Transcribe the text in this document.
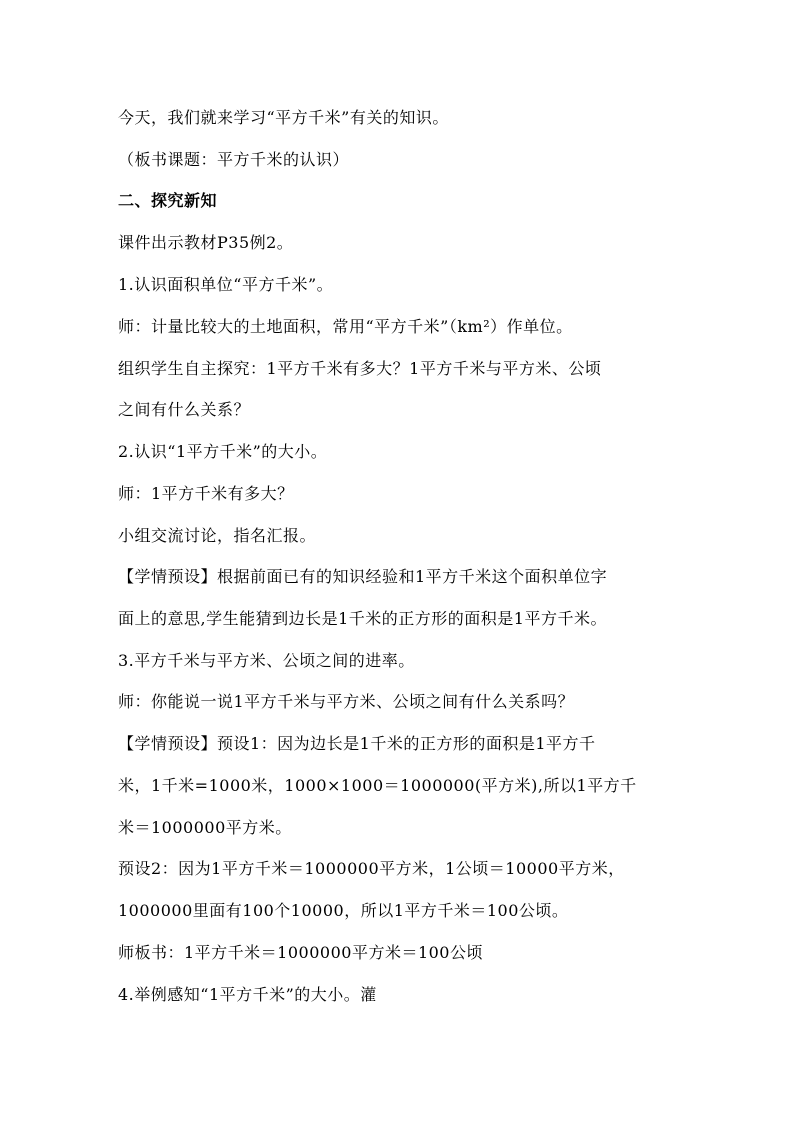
今天，我们就来学习“平方千米”有关的知识。
（板书课题：平方千米的认识）
二、探究新知
课件出示教材P35例2。
1.认识面积单位“平方千米”。
师：计量比较大的土地面积，常用“平方千米”（km²）作单位。
组织学生自主探究：1平方千米有多大？1平方千米与平方米、公顷
之间有什么关系？
2.认识“1平方千米”的大小。
师：1平方千米有多大？
小组交流讨论，指名汇报。
【学情预设】根据前面已有的知识经验和1平方千米这个面积单位字
面上的意思,学生能猜到边长是1千米的正方形的面积是1平方千米。
3.平方千米与平方米、公顷之间的进率。
师：你能说一说1平方千米与平方米、公顷之间有什么关系吗？
【学情预设】预设1：因为边长是1千米的正方形的面积是1平方千
米，1千米=1000米，1000×1000＝1000000(平方米),所以1平方千
米＝1000000平方米。
预设2：因为1平方千米＝1000000平方米，1公顷＝10000平方米，
1000000里面有100个10000，所以1平方千米＝100公顷。
师板书：1平方千米＝1000000平方米＝100公顷
4.举例感知“1平方千米”的大小。灌
